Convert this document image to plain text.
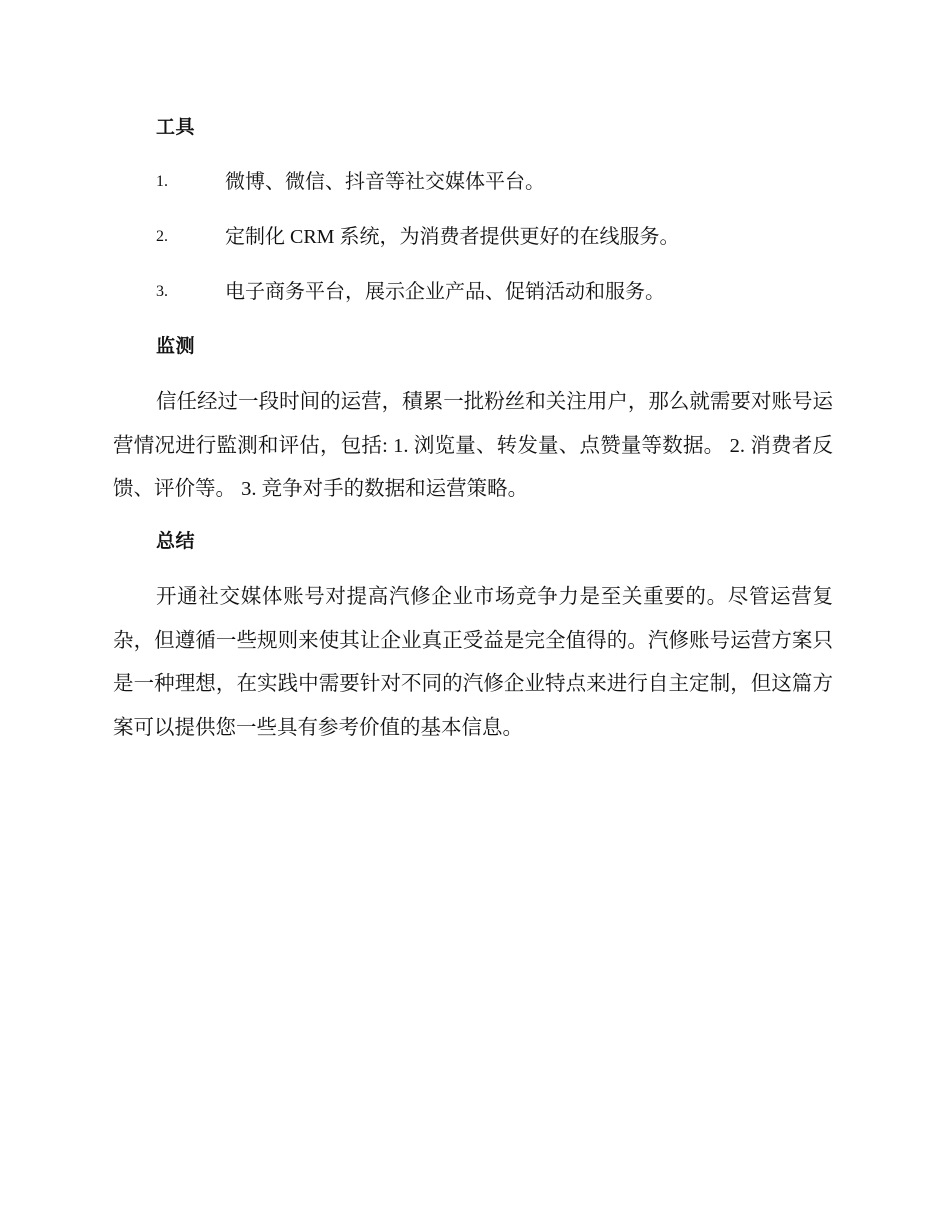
工具
1.	微博、微信、抖音等社交媒体平台。
2.	定制化 CRM 系统，为消费者提供更好的在线服务。
3.	电子商务平台，展示企业产品、促销活动和服务。
监测

信任经过一段时间的运营，積累一批粉丝和关注用户，那么就需要对账号运营情况进行監測和评估，包括: 1. 浏览量、转发量、点赞量等数据。 2. 消费者反馈、评价等。 3. 竞争对手的数据和运营策略。

总结

开通社交媒体账号对提高汽修企业市场竞争力是至关重要的。尽管运营复杂，但遵循一些规则来使其让企业真正受益是完全值得的。汽修账号运营方案只是一种理想，在实践中需要针对不同的汽修企业特点来进行自主定制，但这篇方案可以提供您一些具有参考价值的基本信息。
